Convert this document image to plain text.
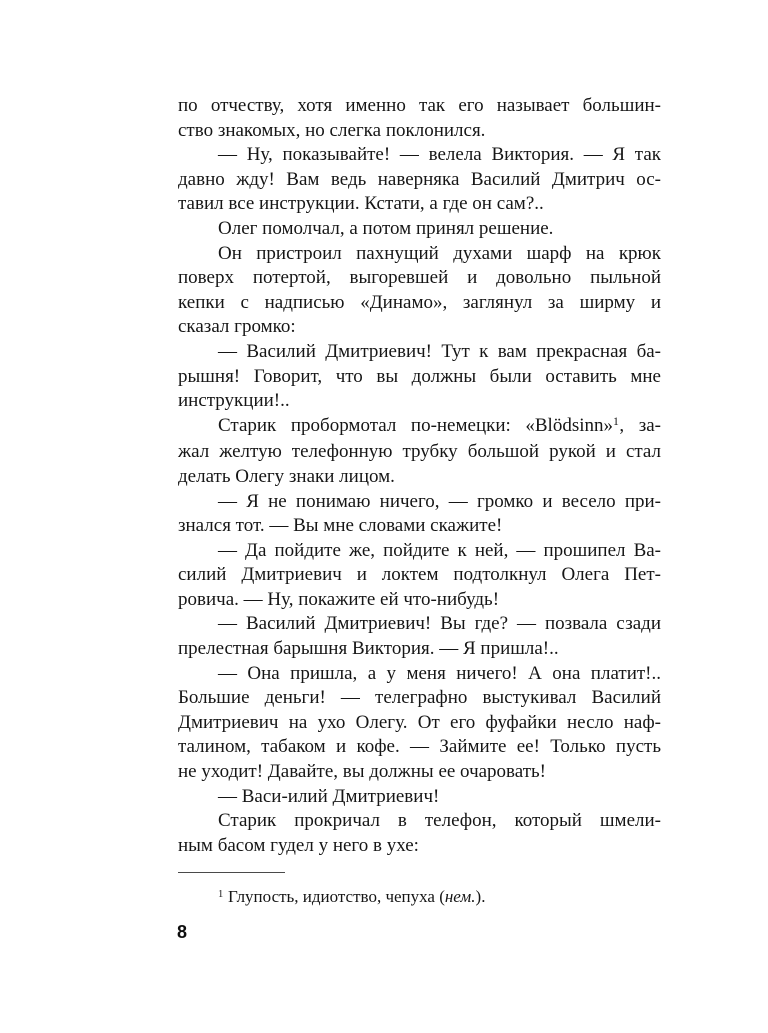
по отчеству, хотя именно так его называет большин-
ство знакомых, но слегка поклонился.
— Ну, показывайте! — велела Виктория. — Я так
давно жду! Вам ведь наверняка Василий Дмитрич ос-
тавил все инструкции. Кстати, а где он сам?..
Олег помолчал, а потом принял решение.
Он пристроил пахнущий духами шарф на крюк
поверх потертой, выгоревшей и довольно пыльной
кепки с надписью «Динамо», заглянул за ширму и
сказал громко:
— Василий Дмитриевич! Тут к вам прекрасная ба-
рышня! Говорит, что вы должны были оставить мне
инструкции!..
Старик пробормотал по-немецки: «Blödsinn»$^1$, за-
жал желтую телефонную трубку большой рукой и стал
делать Олегу знаки лицом.
— Я не понимаю ничего, — громко и весело при-
знался тот. — Вы мне словами скажите!
— Да пойдите же, пойдите к ней, — прошипел Ва-
силий Дмитриевич и локтем подтолкнул Олега Пет-
ровича. — Ну, покажите ей что-нибудь!
— Василий Дмитриевич! Вы где? — позвала сзади
прелестная барышня Виктория. — Я пришла!..
— Она пришла, а у меня ничего! А она платит!..
Большие деньги! — телеграфно выстукивал Василий
Дмитриевич на ухо Олегу. От его фуфайки несло наф-
талином, табаком и кофе. — Займите ее! Только пусть
не уходит! Давайте, вы должны ее очаровать!
— Васи-илий Дмитриевич!
Старик прокричал в телефон, который шмели-
ным басом гудел у него в ухе:
$^1$ Глупость, идиотство, чепуха (нем.).
8
